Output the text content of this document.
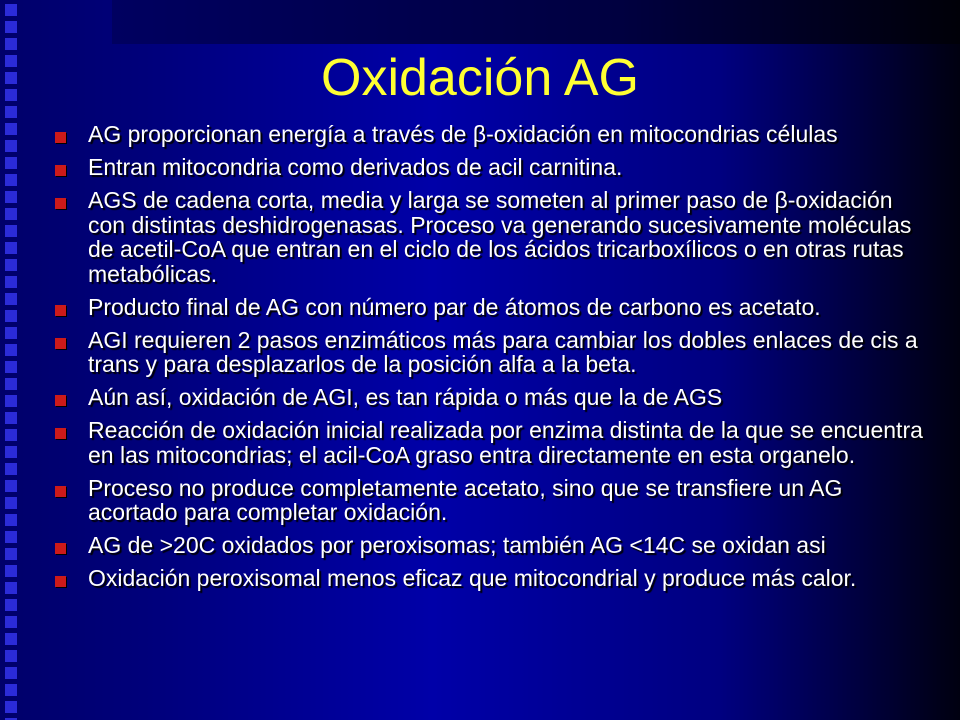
Oxidación AG
AG proporcionan energía a través de β-oxidación en mitocondrias células
Entran mitocondria como derivados de acil carnitina.
AGS de cadena corta, media y larga se someten al primer paso de β-oxidación con distintas deshidrogenasas. Proceso va generando sucesivamente moléculas de acetil-CoA que entran en el ciclo de los ácidos tricarboxílicos o en otras rutas metabólicas.
Producto final de AG con número par de átomos de carbono es acetato.
AGI requieren 2 pasos enzimáticos más para cambiar los dobles enlaces de cis a trans y para desplazarlos de la posición alfa a la beta.
Aún así, oxidación de AGI, es tan rápida o más que la de AGS
Reacción de oxidación inicial realizada por enzima distinta de la que se encuentra en las mitocondrias; el acil-CoA graso entra directamente en esta organelo.
Proceso no produce completamente acetato, sino que se transfiere un AG acortado para completar oxidación.
AG de >20C oxidados por peroxisomas; también AG <14C se oxidan asi
Oxidación peroxisomal menos eficaz que mitocondrial y produce más calor.
